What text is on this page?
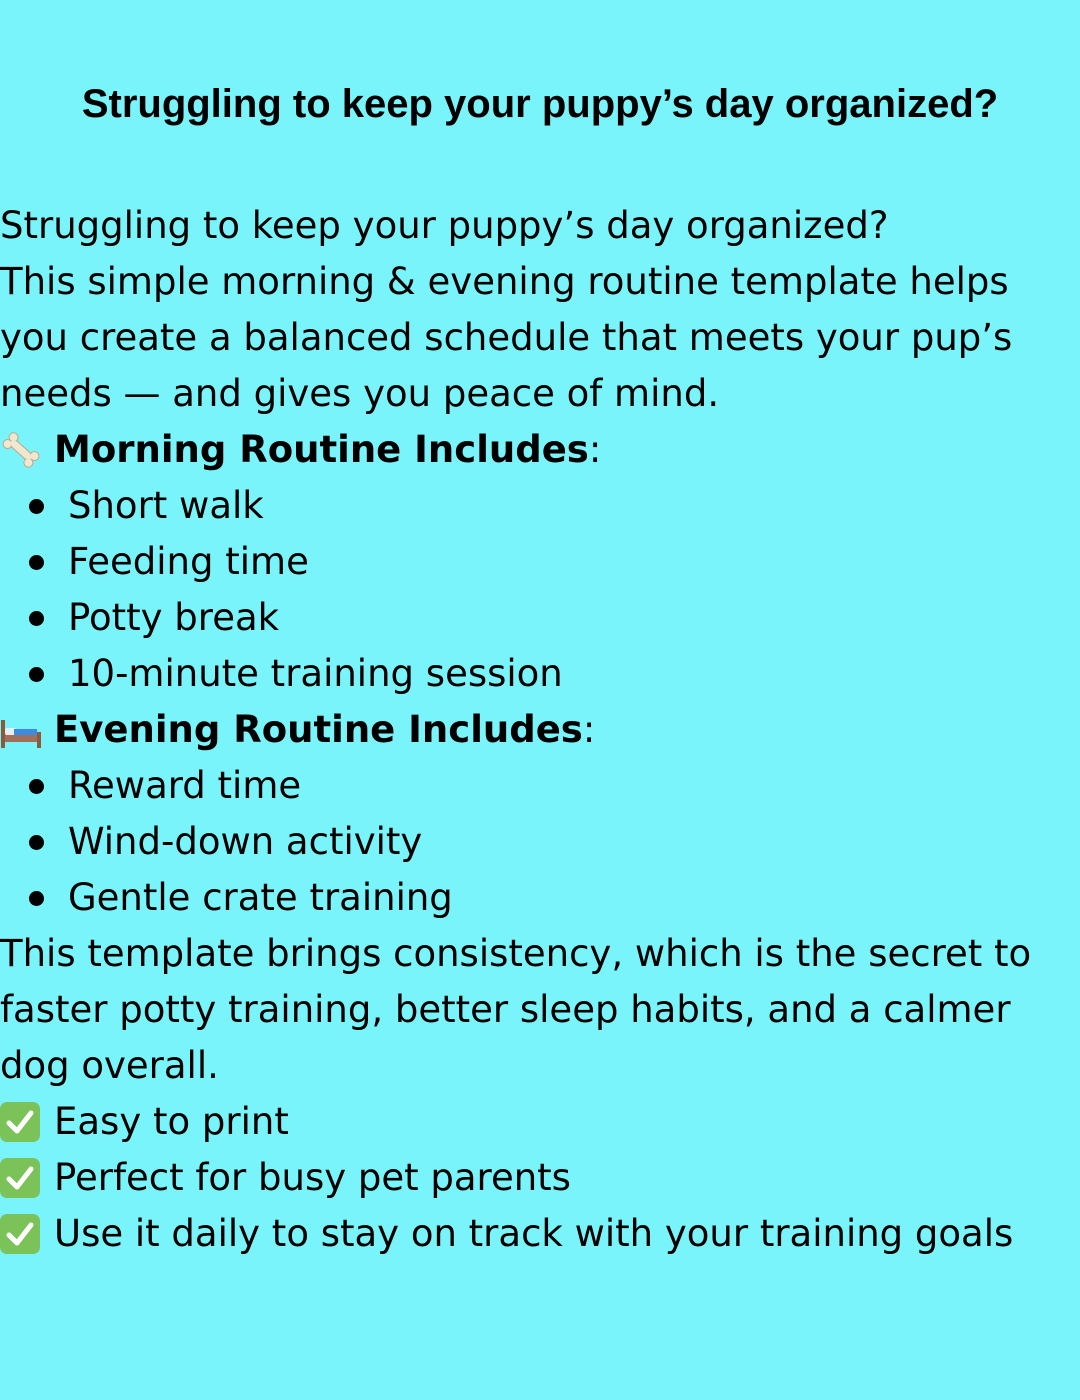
Struggling to keep your puppy’s day organized?
Struggling to keep your puppy’s day organized?
This simple morning & evening routine template helps
you create a balanced schedule that meets your pup’s
needs — and gives you peace of mind.
Morning Routine Includes :
Short walk
Feeding time
Potty break
10-minute training session
Evening Routine Includes :
Reward time
Wind-down activity
Gentle crate training
This template brings consistency, which is the secret to
faster potty training, better sleep habits, and a calmer
dog overall.
Easy to print
Perfect for busy pet parents
Use it daily to stay on track with your training goals
